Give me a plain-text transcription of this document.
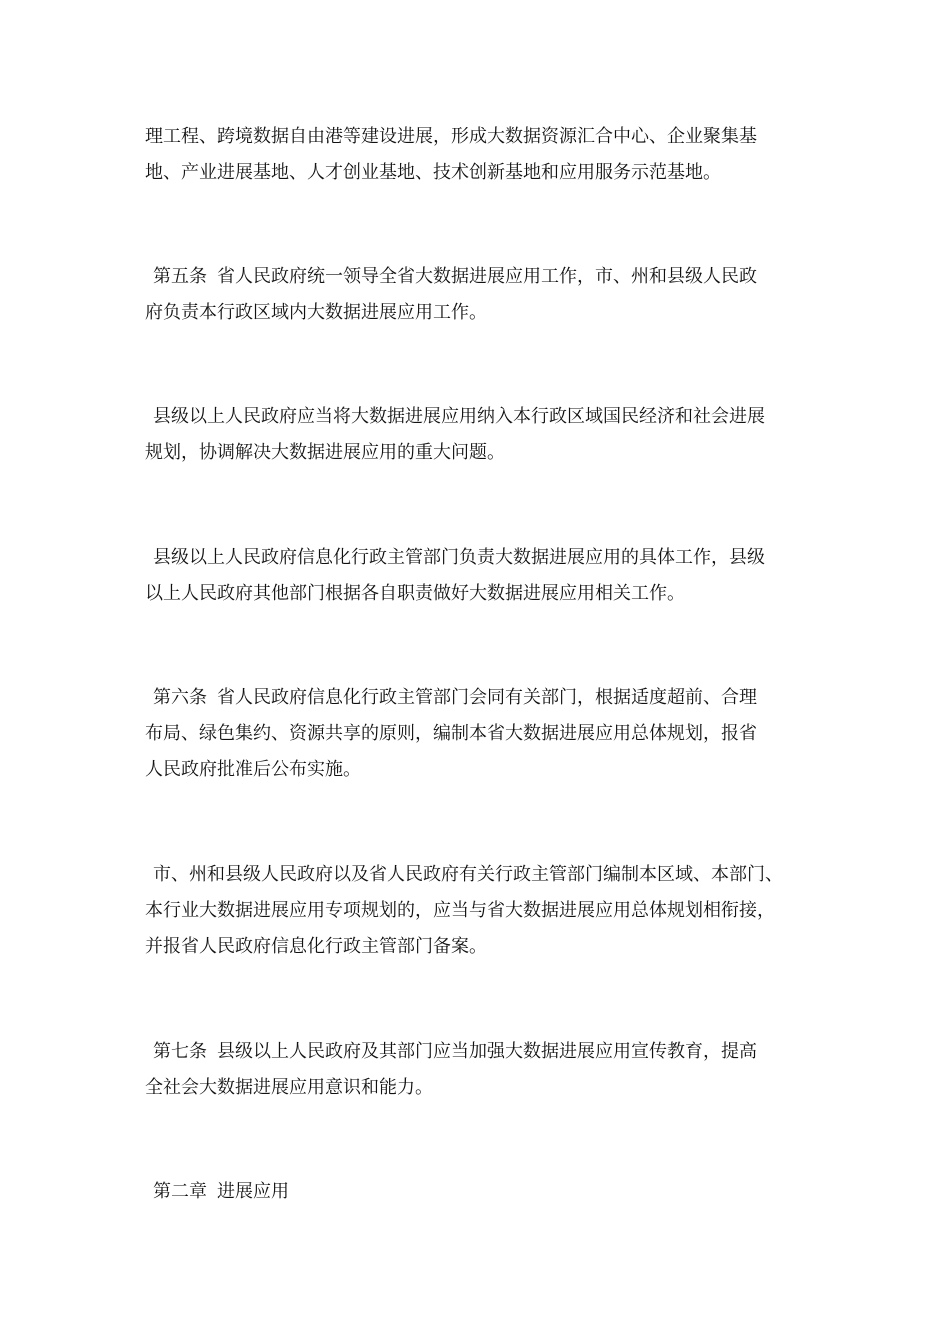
理工程、跨境数据自由港等建设进展，形成大数据资源汇合中心、企业聚集基
地、产业进展基地、人才创业基地、技术创新基地和应用服务示范基地。

第五条 省人民政府统一领导全省大数据进展应用工作，市、州和县级人民政
府负责本行政区域内大数据进展应用工作。

县级以上人民政府应当将大数据进展应用纳入本行政区域国民经济和社会进展
规划，协调解决大数据进展应用的重大问题。

县级以上人民政府信息化行政主管部门负责大数据进展应用的具体工作，县级
以上人民政府其他部门根据各自职责做好大数据进展应用相关工作。

第六条 省人民政府信息化行政主管部门会同有关部门，根据适度超前、合理
布局、绿色集约、资源共享的原则，编制本省大数据进展应用总体规划，报省
人民政府批准后公布实施。

市、州和县级人民政府以及省人民政府有关行政主管部门编制本区域、本部门、
本行业大数据进展应用专项规划的，应当与省大数据进展应用总体规划相衔接，
并报省人民政府信息化行政主管部门备案。

第七条 县级以上人民政府及其部门应当加强大数据进展应用宣传教育，提高
全社会大数据进展应用意识和能力。

第二章 进展应用
